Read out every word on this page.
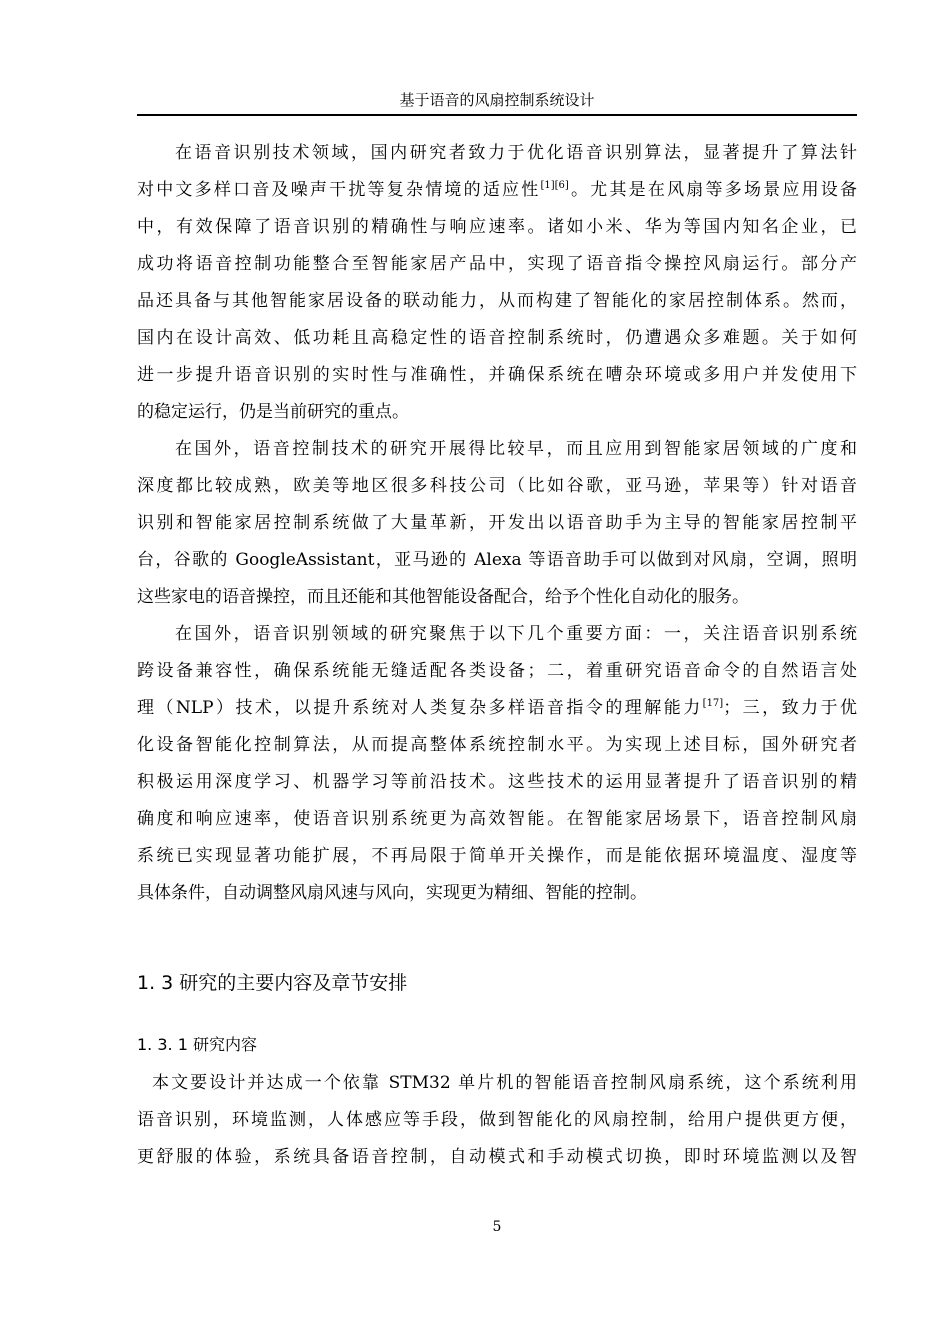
基于语音的风扇控制系统设计
在语音识别技术领域，国内研究者致力于优化语音识别算法，显著提升了算法针
对中文多样口音及噪声干扰等复杂情境的适应性[1][6]。尤其是在风扇等多场景应用设备
中，有效保障了语音识别的精确性与响应速率。诸如小米、华为等国内知名企业，已
成功将语音控制功能整合至智能家居产品中，实现了语音指令操控风扇运行。部分产
品还具备与其他智能家居设备的联动能力，从而构建了智能化的家居控制体系。然而，
国内在设计高效、低功耗且高稳定性的语音控制系统时，仍遭遇众多难题。关于如何
进一步提升语音识别的实时性与准确性，并确保系统在嘈杂环境或多用户并发使用下
的稳定运行，仍是当前研究的重点。
在国外，语音控制技术的研究开展得比较早，而且应用到智能家居领域的广度和
深度都比较成熟，欧美等地区很多科技公司（比如谷歌，亚马逊，苹果等）针对语音
识别和智能家居控制系统做了大量革新，开发出以语音助手为主导的智能家居控制平
台，谷歌的 GoogleAssistant，亚马逊的 Alexa 等语音助手可以做到对风扇，空调，照明
这些家电的语音操控，而且还能和其他智能设备配合，给予个性化自动化的服务。
在国外，语音识别领域的研究聚焦于以下几个重要方面：一，关注语音识别系统
跨设备兼容性，确保系统能无缝适配各类设备；二，着重研究语音命令的自然语言处
理（NLP）技术，以提升系统对人类复杂多样语音指令的理解能力[17]；三，致力于优
化设备智能化控制算法，从而提高整体系统控制水平。为实现上述目标，国外研究者
积极运用深度学习、机器学习等前沿技术。这些技术的运用显著提升了语音识别的精
确度和响应速率，使语音识别系统更为高效智能。在智能家居场景下，语音控制风扇
系统已实现显著功能扩展，不再局限于简单开关操作，而是能依据环境温度、湿度等
具体条件，自动调整风扇风速与风向，实现更为精细、智能的控制。
1. 3 研究的主要内容及章节安排
1. 3. 1 研究内容
本文要设计并达成一个依靠 STM32 单片机的智能语音控制风扇系统，这个系统利用
语音识别，环境监测，人体感应等手段，做到智能化的风扇控制，给用户提供更方便，
更舒服的体验，系统具备语音控制，自动模式和手动模式切换，即时环境监测以及智
5
